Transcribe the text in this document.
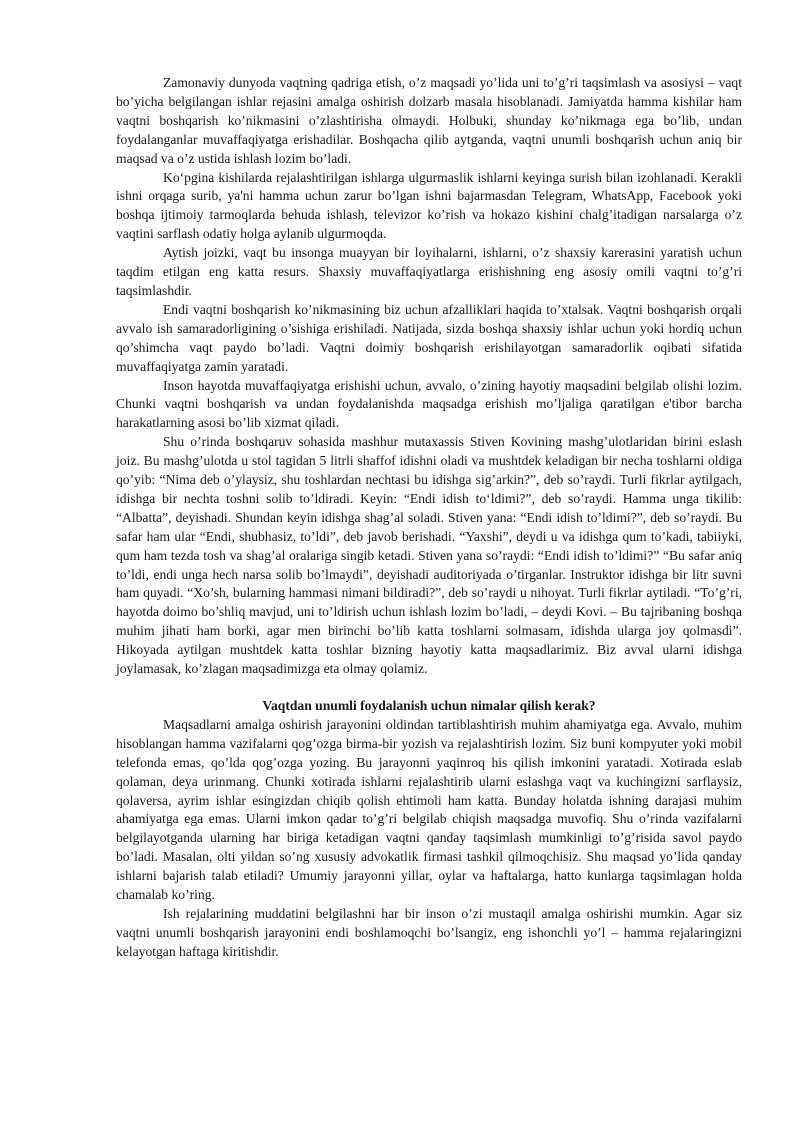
Zamonaviy dunyoda vaqtning qadriga etish, o’z maqsadi yo’lida uni to’g’ri taqsimlash va asosiysi – vaqt bo’yicha belgilangan ishlar rejasini amalga oshirish dolzarb masala hisoblanadi. Jamiyatda hamma kishilar ham vaqtni boshqarish ko’nikmasini o’zlashtirisha olmaydi. Holbuki, shunday ko’nikmaga ega bo’lib, undan foydalanganlar muvaffaqiyatga erishadilar. Boshqacha qilib aytganda, vaqtni unumli boshqarish uchun aniq bir maqsad va o’z ustida ishlash lozim bo’ladi.

Ko‘pgina kishilarda rejalashtirilgan ishlarga ulgurmaslik ishlarni keyinga surish bilan izohlanadi. Kerakli ishni orqaga surib, ya'ni hamma uchun zarur bo’lgan ishni bajarmasdan Telegram, WhatsApp, Facebook yoki boshqa ijtimoiy tarmoqlarda behuda ishlash, televizor ko’rish va hokazo kishini chalg’itadigan narsalarga o’z vaqtini sarflash odatiy holga aylanib ulgurmoqda.

Aytish joizki, vaqt bu insonga muayyan bir loyihalarni, ishlarni, o’z shaxsiy karerasini yaratish uchun taqdim etilgan eng katta resurs. Shaxsiy muvaffaqiyatlarga erishishning eng asosiy omili vaqtni to’g’ri taqsimlashdir.

Endi vaqtni boshqarish ko’nikmasining biz uchun afzalliklari haqida to’xtalsak. Vaqtni boshqarish orqali avvalo ish samaradorligining o’sishiga erishiladi. Natijada, sizda boshqa shaxsiy ishlar uchun yoki hordiq uchun qo’shimcha vaqt paydo bo’ladi. Vaqtni doimiy boshqarish erishilayotgan samaradorlik oqibati sifatida muvaffaqiyatga zamin yaratadi.

Inson hayotda muvaffaqiyatga erishishi uchun, avvalo, o’zining hayotiy maqsadini belgilab olishi lozim. Chunki vaqtni boshqarish va undan foydalanishda maqsadga erishish mo’ljaliga qaratilgan e'tibor barcha harakatlarning asosi bo’lib xizmat qiladi.

Shu o’rinda boshqaruv sohasida mashhur mutaxassis Stiven Kovining mashg’ulotlaridan birini eslash joiz. Bu mashg’ulotda u stol tagidan 5 litrli shaffof idishni oladi va mushtdek keladigan bir necha toshlarni oldiga qo’yib: “Nima deb o’ylaysiz, shu toshlardan nechtasi bu idishga sig’arkin?”, deb so’raydi. Turli fikrlar aytilgach, idishga bir nechta toshni solib to’ldiradi. Keyin: “Endi idish to‘ldimi?”, deb so’raydi. Hamma unga tikilib: “Albatta”, deyishadi. Shundan keyin idishga shag’al soladi. Stiven yana: “Endi idish to’ldimi?”, deb so’raydi. Bu safar ham ular “Endi, shubhasiz, to’ldi”, deb javob berishadi. “Yaxshi”, deydi u va idishga qum to’kadi, tabiiyki, qum ham tezda tosh va shag’al oralariga singib ketadi. Stiven yana so’raydi: “Endi idish to’ldimi?” “Bu safar aniq to’ldi, endi unga hech narsa solib bo’lmaydi”, deyishadi auditoriyada o’tirganlar. Instruktor idishga bir litr suvni ham quyadi. “Xo’sh, bularning hammasi nimani bildiradi?”, deb so’raydi u nihoyat. Turli fikrlar aytiladi. “To’g’ri, hayotda doimo bo’shliq mavjud, uni to’ldirish uchun ishlash lozim bo’ladi, – deydi Kovi. – Bu tajribaning boshqa muhim jihati ham borki, agar men birinchi bo’lib katta toshlarni solmasam, idishda ularga joy qolmasdi”. Hikoyada aytilgan mushtdek katta toshlar bizning hayotiy katta maqsadlarimiz. Biz avval ularni idishga joylamasak, ko’zlagan maqsadimizga eta olmay qolamiz.

Vaqtdan unumli foydalanish uchun nimalar qilish kerak?

Maqsadlarni amalga oshirish jarayonini oldindan tartiblashtirish muhim ahamiyatga ega. Avvalo, muhim hisoblangan hamma vazifalarni qog’ozga birma-bir yozish va rejalashtirish lozim. Siz buni kompyuter yoki mobil telefonda emas, qo’lda qog’ozga yozing. Bu jarayonni yaqinroq his qilish imkonini yaratadi. Xotirada eslab qolaman, deya urinmang. Chunki xotirada ishlarni rejalashtirib ularni eslashga vaqt va kuchingizni sarflaysiz, qolaversa, ayrim ishlar esingizdan chiqib qolish ehtimoli ham katta. Bunday holatda ishning darajasi muhim ahamiyatga ega emas. Ularni imkon qadar to’g’ri belgilab chiqish maqsadga muvofiq. Shu o’rinda vazifalarni belgilayotganda ularning har biriga ketadigan vaqtni qanday taqsimlash mumkinligi to’g’risida savol paydo bo’ladi. Masalan, olti yildan so’ng xususiy advokatlik firmasi tashkil qilmoqchisiz. Shu maqsad yo’lida qanday ishlarni bajarish talab etiladi? Umumiy jarayonni yillar, oylar va haftalarga, hatto kunlarga taqsimlagan holda chamalab ko’ring.

Ish rejalarining muddatini belgilashni har bir inson o’zi mustaqil amalga oshirishi mumkin. Agar siz vaqtni unumli boshqarish jarayonini endi boshlamoqchi bo’lsangiz, eng ishonchli yo’l – hamma rejalaringizni kelayotgan haftaga kiritishdir.
